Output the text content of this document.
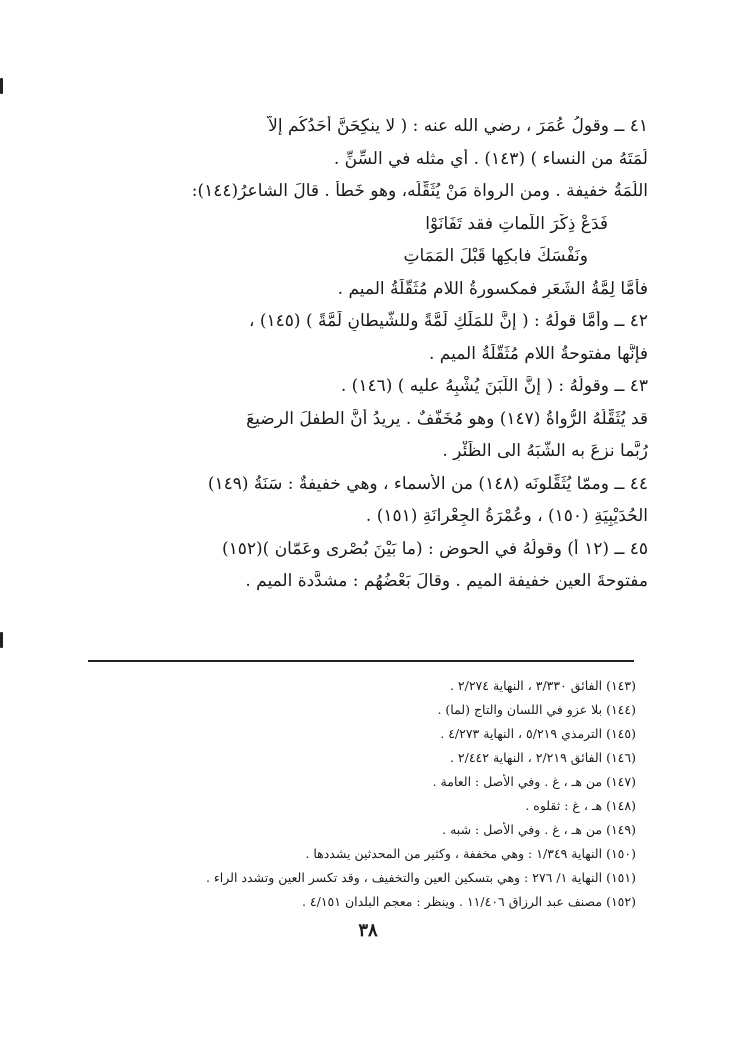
٤١ ــ وقولُ عُمَرَ ، رضي الله عنه : ( لا ينكِحَنَّ أحَدُكُم إلاَّ
لُمَتَهُ من النساء ) (١٤٣) . أي مثله في السِّنِّ .
اللُمَةُ خفيفة . ومن الرواة مَنْ يُثَقِّلُه، وهو خَطأٌ . قالَ الشاعرُ(١٤٤):
فَدَعْ ذِكْرَ اللَّماتِ فقد تَفَانَوْا
ونَفْسَكَ فابكِها قَبْلَ المَمَاتِ
فأَمَّا لِمَّةُ الشَعَرِ فمكسورةُ اللام مُثَقَّلَةُ الميمِ .
٤٢ ــ وأَمَّا قولُهُ : ( إنَّ للمَلَكِ لَمَّةً وللشَّيطانِ لَمَّةً ) (١٤٥) ،
فإنَّها مفتوحةُ اللامِ مُثَقَّلَةُ الميمِ .
٤٣ ــ وقولُهُ : ( إنَّ اللَّبَنَ يُشْبِهُ عليه ) (١٤٦) .
قد يُثَقِّلُهُ الرُّواةُ (١٤٧) وهو مُخَفَّفٌ . يريدُ أنَّ الطفلَ الرضيعَ
رُبَّما نزعَ به الشَّبَهُ الى الظِّئْرِ .
٤٤ ــ وممّا يُثَقِّلونَه (١٤٨) من الأسماء ، وهي خفيفةٌ : سَنَةُ (١٤٩)
الحُدَيْبِيَةِ (١٥٠) ، وعُمْرَةُ الجِعْرانَةِ (١٥١) .
٤٥ ــ (١٢ أ) وقولُهُ في الحوضِ : (ما بَيْنَ بُصْرى وعَمّان )(١٥٢)
مفتوحةَ العينِ خفيفة الميمِ . وقالَ بَعْضُهُم : مشدَّدة الميم .
(١٤٣) الفائق ٣/٣٣٠ ، النهاية ٢/٢٧٤ .
(١٤٤) بلا عزو في اللسان والتاج (لما) .
(١٤٥) الترمذي ٥/٢١٩ ، النهاية ٤/٢٧٣ .
(١٤٦) الفائق ٢/٢١٩ ، النهاية ٢/٤٤٢ .
(١٤٧) من هـ ، غ . وفي الأصل : العامة .
(١٤٨) هـ ، غ : ثقلوه .
(١٤٩) من هـ ، غ . وفي الأصل : شبه .
(١٥٠) النهاية ١/٣٤٩ : وهي مخففة ، وكثير من المحدثين يشددها .
(١٥١) النهاية ١/ ٢٧٦ : وهي بتسكين العين والتخفيف ، وقد تكسر العين وتشدد الراء .
(١٥٢) مصنف عبد الرزاق ١١/٤٠٦ . وينظر : معجم البلدان ٤/١٥١ .
٣٨
